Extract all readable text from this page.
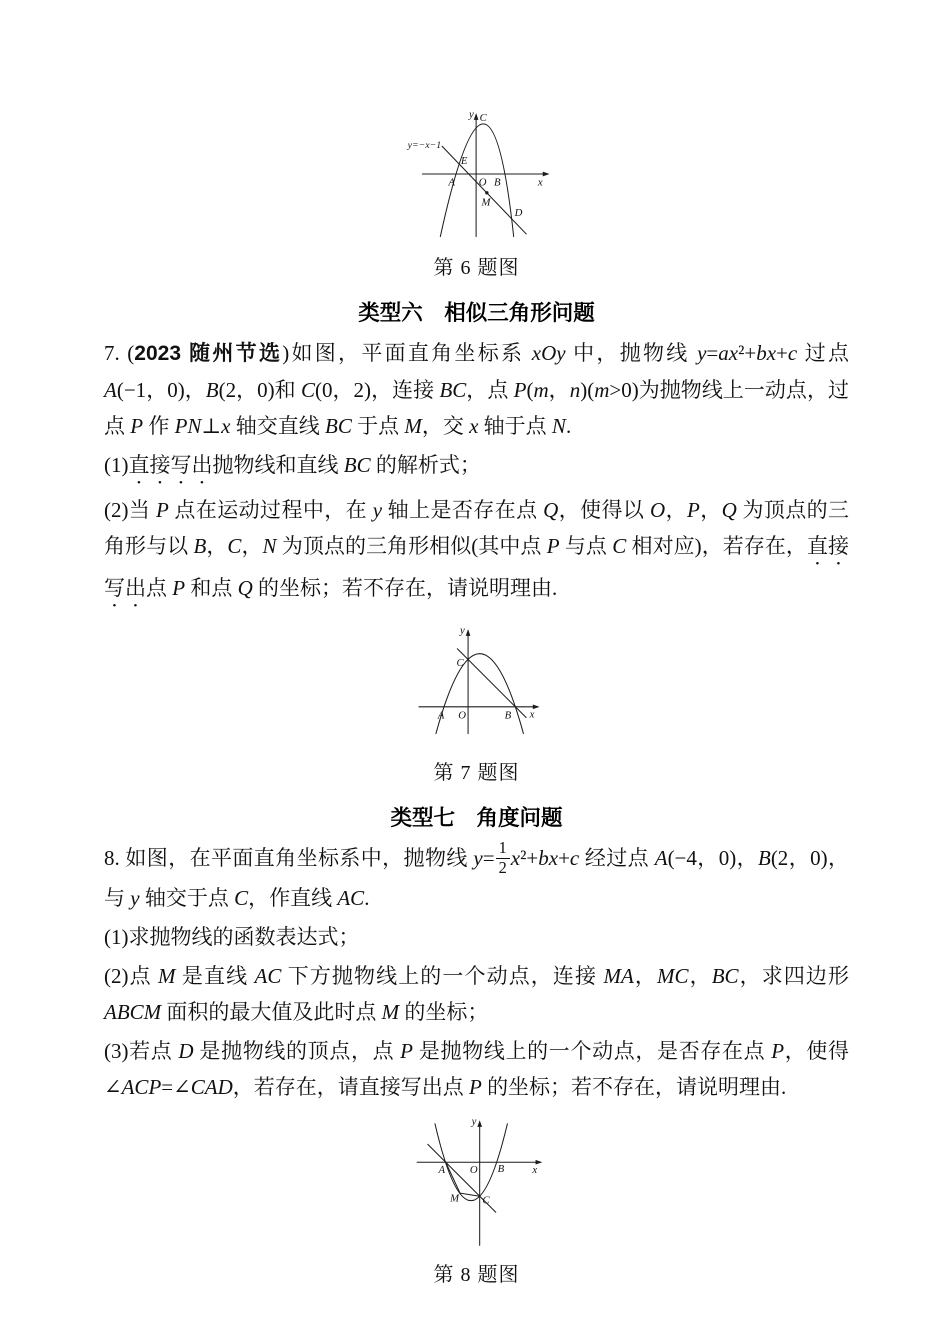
y=−x−1
y
x
C
E
A O B
M
D
第 6 题图
类型六　相似三角形问题

7. (2023 随州节选)如图，平面直角坐标系 xOy 中，抛物线 y=ax²+bx+c 过点 A(−1，0)，B(2，0)和 C(0，2)，连接 BC，点 P(m，n)(m>0)为抛物线上一动点，过点 P 作 PN⊥x 轴交直线 BC 于点 M，交 x 轴于点 N.

(1)直接写出抛物线和直线 BC 的解析式；

(2)当 P 点在运动过程中，在 y 轴上是否存在点 Q，使得以 O，P，Q 为顶点的三角形与以 B，C，N 为顶点的三角形相似(其中点 P 与点 C 相对应)，若存在，直接写出点 P 和点 Q 的坐标；若不存在，请说明理由.

y
x
C
A O	B
第 7 题图
类型七　角度问题

8. 如图，在平面直角坐标系中，抛物线 $y= \frac{1}{2} x^2+bx+c$ 经过点 A(−4，0)，B(2，0)，与 y 轴交于点 C，作直线 AC.

(1)求抛物线的函数表达式；

(2)点 M 是直线 AC 下方抛物线上的一个动点，连接 MA，MC，BC，求四边形 ABCM 面积的最大值及此时点 M 的坐标；

(3)若点 D 是抛物线的顶点，点 P 是抛物线上的一个动点，是否存在点 P，使得∠ACP=∠CAD，若存在，请直接写出点 P 的坐标；若不存在，请说明理由.

y
x
A O B
M C
第 8 题图
